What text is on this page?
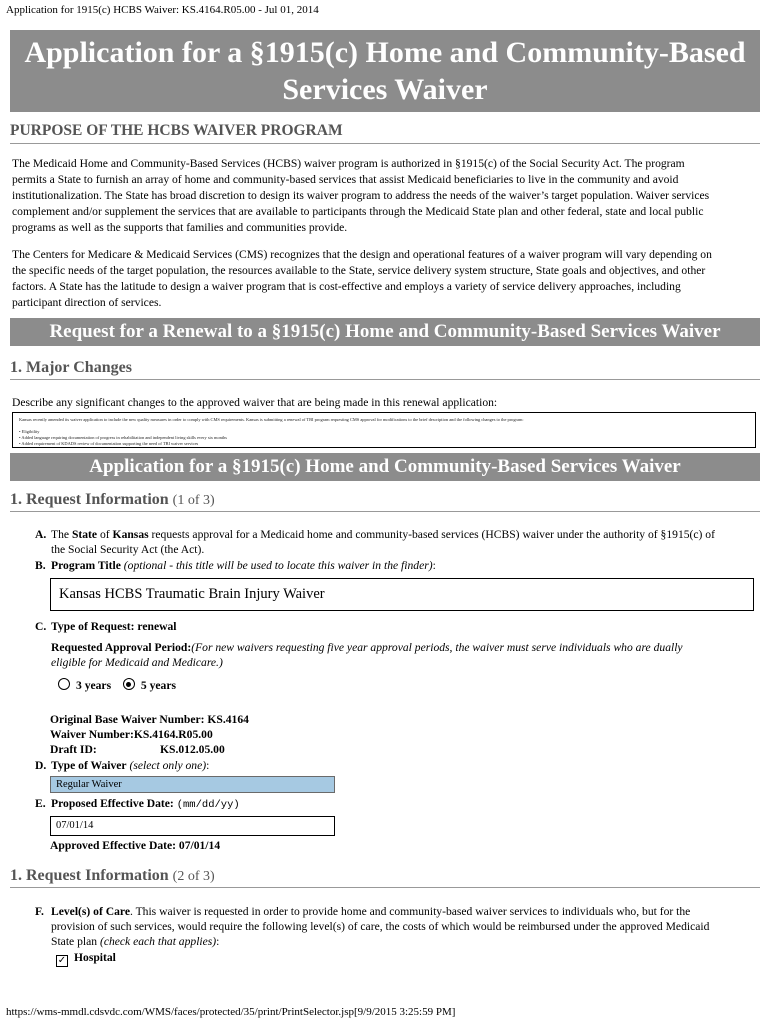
Application for 1915(c) HCBS Waiver: KS.4164.R05.00 - Jul 01, 2014
Application for a §1915(c) Home and Community-Based
Services Waiver
PURPOSE OF THE HCBS WAIVER PROGRAM
The Medicaid Home and Community-Based Services (HCBS) waiver program is authorized in §1915(c) of the Social Security Act. The program
permits a State to furnish an array of home and community-based services that assist Medicaid beneficiaries to live in the community and avoid
institutionalization. The State has broad discretion to design its waiver program to address the needs of the waiver’s target population. Waiver services
complement and/or supplement the services that are available to participants through the Medicaid State plan and other federal, state and local public
programs as well as the supports that families and communities provide.
The Centers for Medicare & Medicaid Services (CMS) recognizes that the design and operational features of a waiver program will vary depending on
the specific needs of the target population, the resources available to the State, service delivery system structure, State goals and objectives, and other
factors. A State has the latitude to design a waiver program that is cost-effective and employs a variety of service delivery approaches, including
participant direction of services.
Request for a Renewal to a §1915(c) Home and Community-Based Services Waiver
1. Major Changes
Describe any significant changes to the approved waiver that are being made in this renewal application:
Kansas recently amended its waiver application to include the new quality measures in order to comply with CMS requirements. Kansas is submitting a renewal of TBI program requesting CMS approval for modifications to the brief description and the following changes to the program:

• Eligibility
• Added language requiring documentation of progress in rehabilitation and independent living skills every six months
• Added requirement of KDADS review of documentation supporting the need of TBI waiver services
Application for a §1915(c) Home and Community-Based Services Waiver
1. Request Information (1 of 3)
A. The State of Kansas requests approval for a Medicaid home and community-based services (HCBS) waiver under the authority of §1915(c) of
the Social Security Act (the Act).
B. Program Title (optional - this title will be used to locate this waiver in the finder):
Kansas HCBS Traumatic Brain Injury Waiver
C. Type of Request: renewal
Requested Approval Period:(For new waivers requesting five year approval periods, the waiver must serve individuals who are dually
eligible for Medicaid and Medicare.)
3 years	5 years
Original Base Waiver Number: KS.4164
Waiver Number:KS.4164.R05.00
Draft ID:	KS.012.05.00
D. Type of Waiver (select only one):
Regular Waiver
E. Proposed Effective Date: (mm/dd/yy)
07/01/14
Approved Effective Date: 07/01/14
1. Request Information (2 of 3)
F. Level(s) of Care. This waiver is requested in order to provide home and community-based waiver services to individuals who, but for the
provision of such services, would require the following level(s) of care, the costs of which would be reimbursed under the approved Medicaid
State plan (check each that applies):
✓ Hospital
https://wms-mmdl.cdsvdc.com/WMS/faces/protected/35/print/PrintSelector.jsp[9/9/2015 3:25:59 PM]
